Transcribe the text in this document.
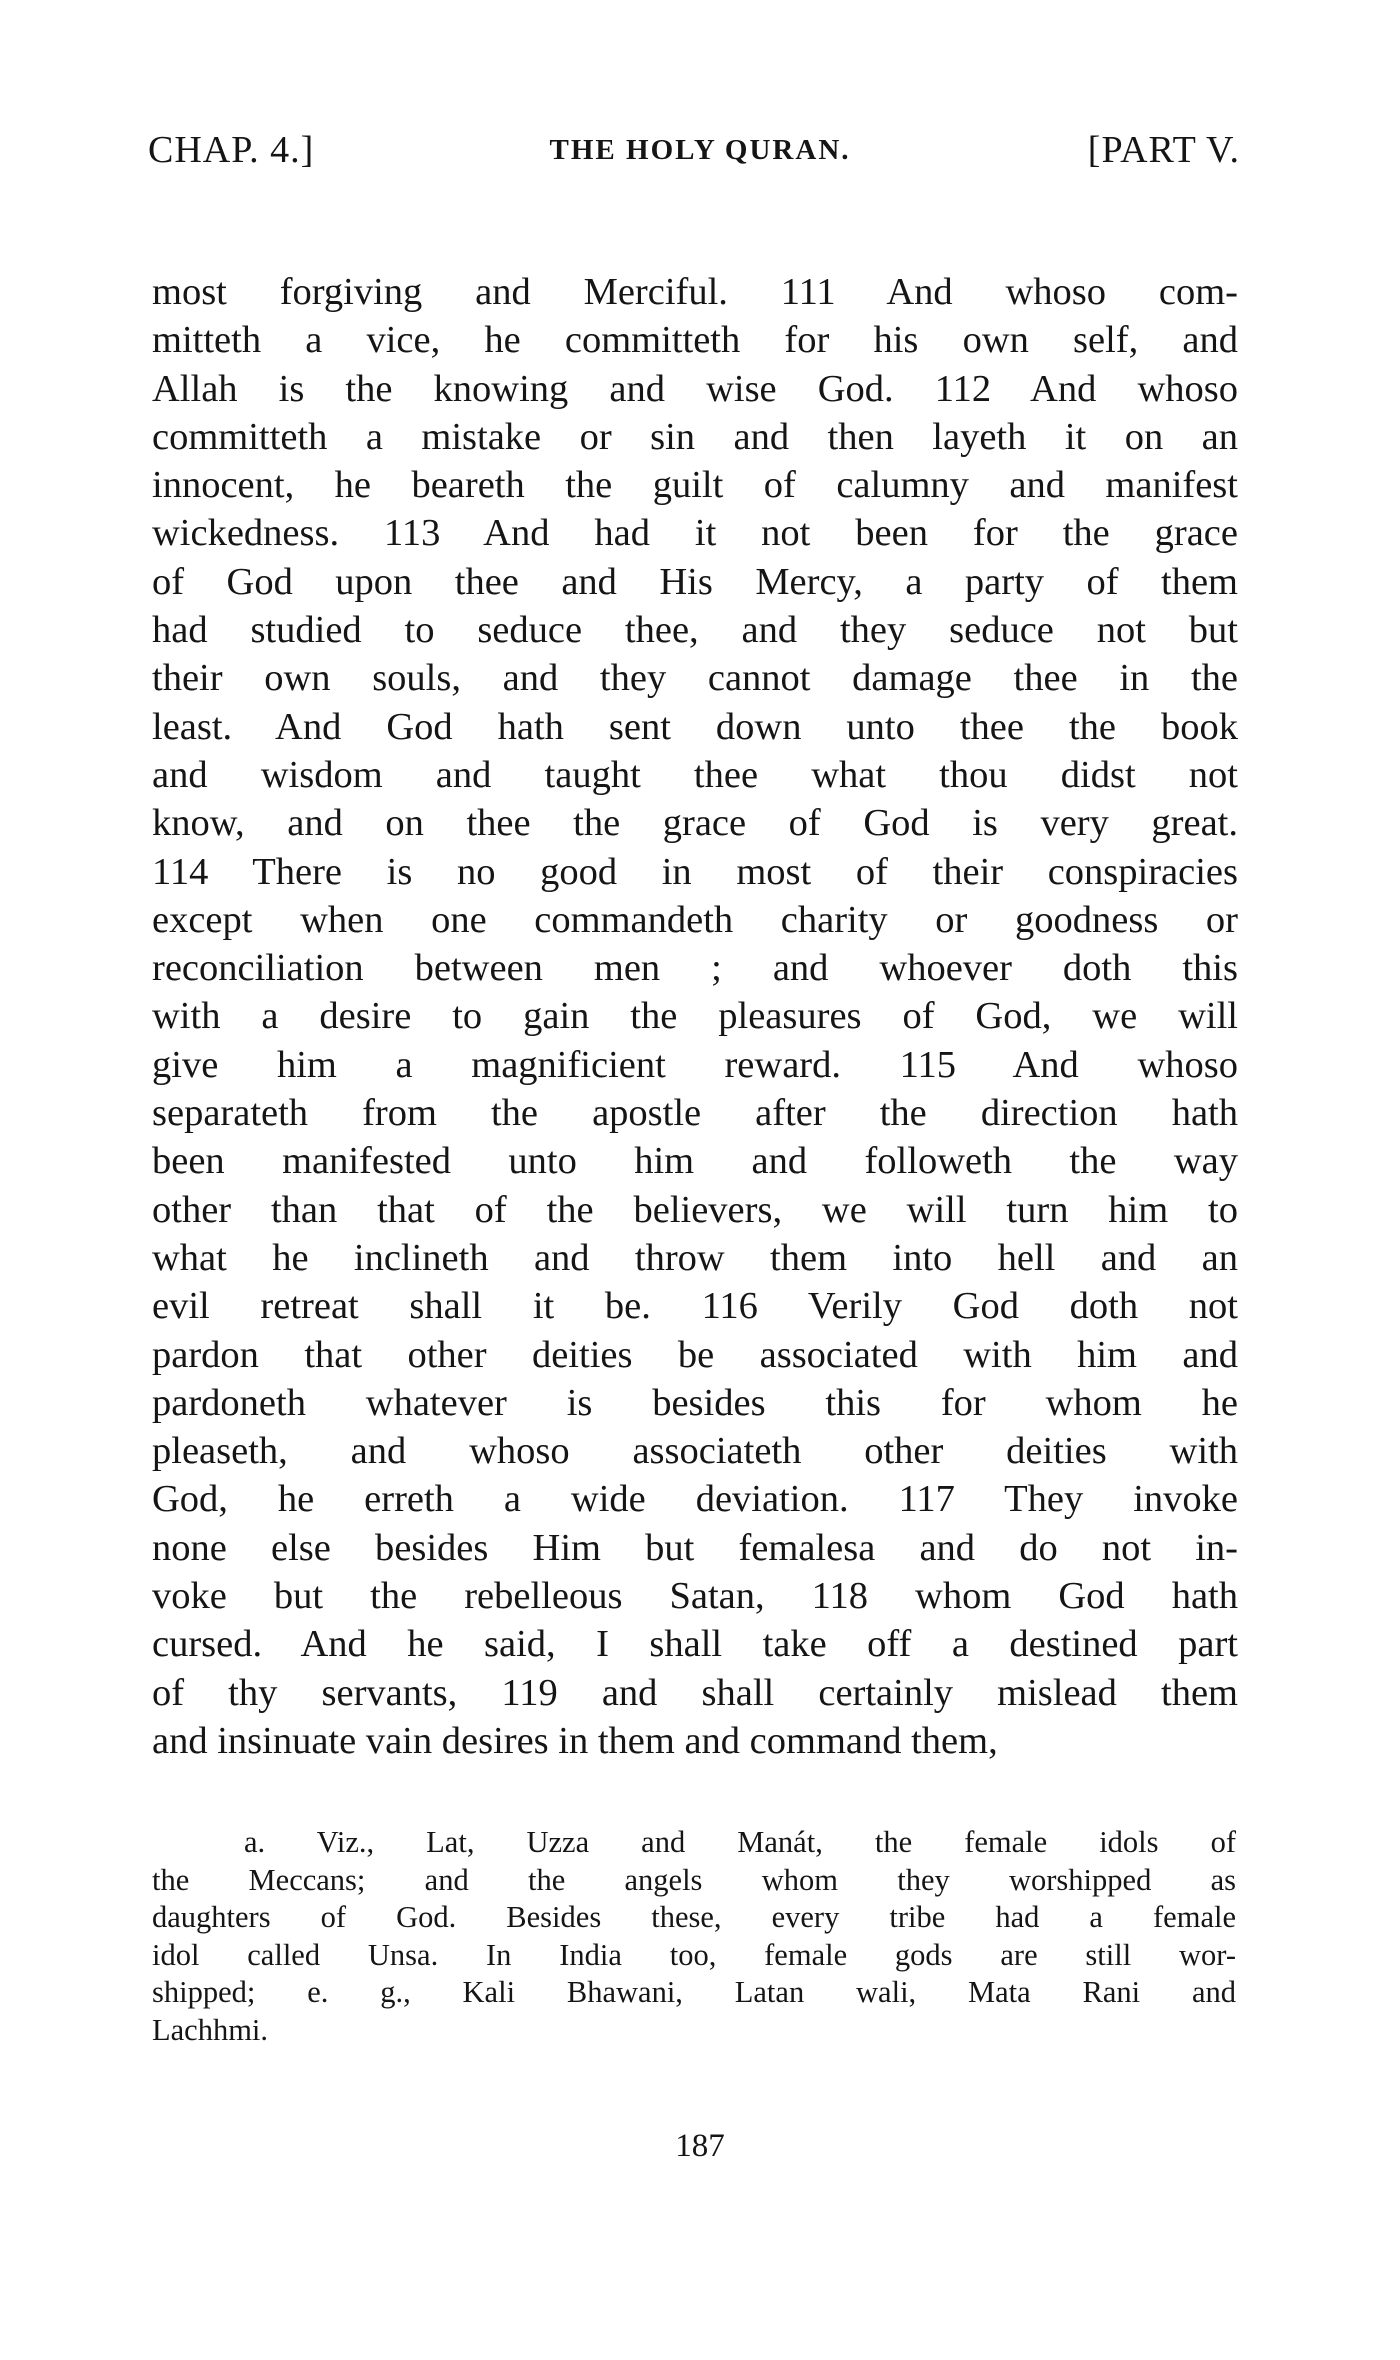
CHAP. 4.]	THE HOLY QURAN.	[PART V.
most forgiving and Merciful. 111 And whoso com-
mitteth a vice, he committeth for his own self, and
Allah is the knowing and wise God. 112 And whoso
committeth a mistake or sin and then layeth it on an
innocent, he beareth the guilt of calumny and manifest
wickedness. 113 And had it not been for the grace
of God upon thee and His Mercy, a party of them
had studied to seduce thee, and they seduce not but
their own souls, and they cannot damage thee in the
least. And God hath sent down unto thee the book
and wisdom and taught thee what thou didst not
know, and on thee the grace of God is very great.
114 There is no good in most of their conspiracies
except when one commandeth charity or goodness or
reconciliation between men ; and whoever doth this
with a desire to gain the pleasures of God, we will
give him a magnificient reward. 115 And whoso
separateth from the apostle after the direction hath
been manifested unto him and followeth the way
other than that of the believers, we will turn him to
what he inclineth and throw them into hell and an
evil retreat shall it be. 116 Verily God doth not
pardon that other deities be associated with him and
pardoneth whatever is besides this for whom he
pleaseth, and whoso associateth other deities with
God, he erreth a wide deviation. 117 They invoke
none else besides Him but femalesa and do not in-
voke but the rebelleous Satan, 118 whom God hath
cursed. And he said, I shall take off a destined part
of thy servants, 119 and shall certainly mislead them
and insinuate vain desires in them and command them,
a. Viz., Lat, Uzza and Manát, the female idols of
the Meccans; and the angels whom they worshipped as
daughters of God. Besides these, every tribe had a female
idol called Unsa. In India too, female gods are still wor-
shipped; e. g., Kali Bhawani, Latan wali, Mata Rani and
Lachhmi.
187
